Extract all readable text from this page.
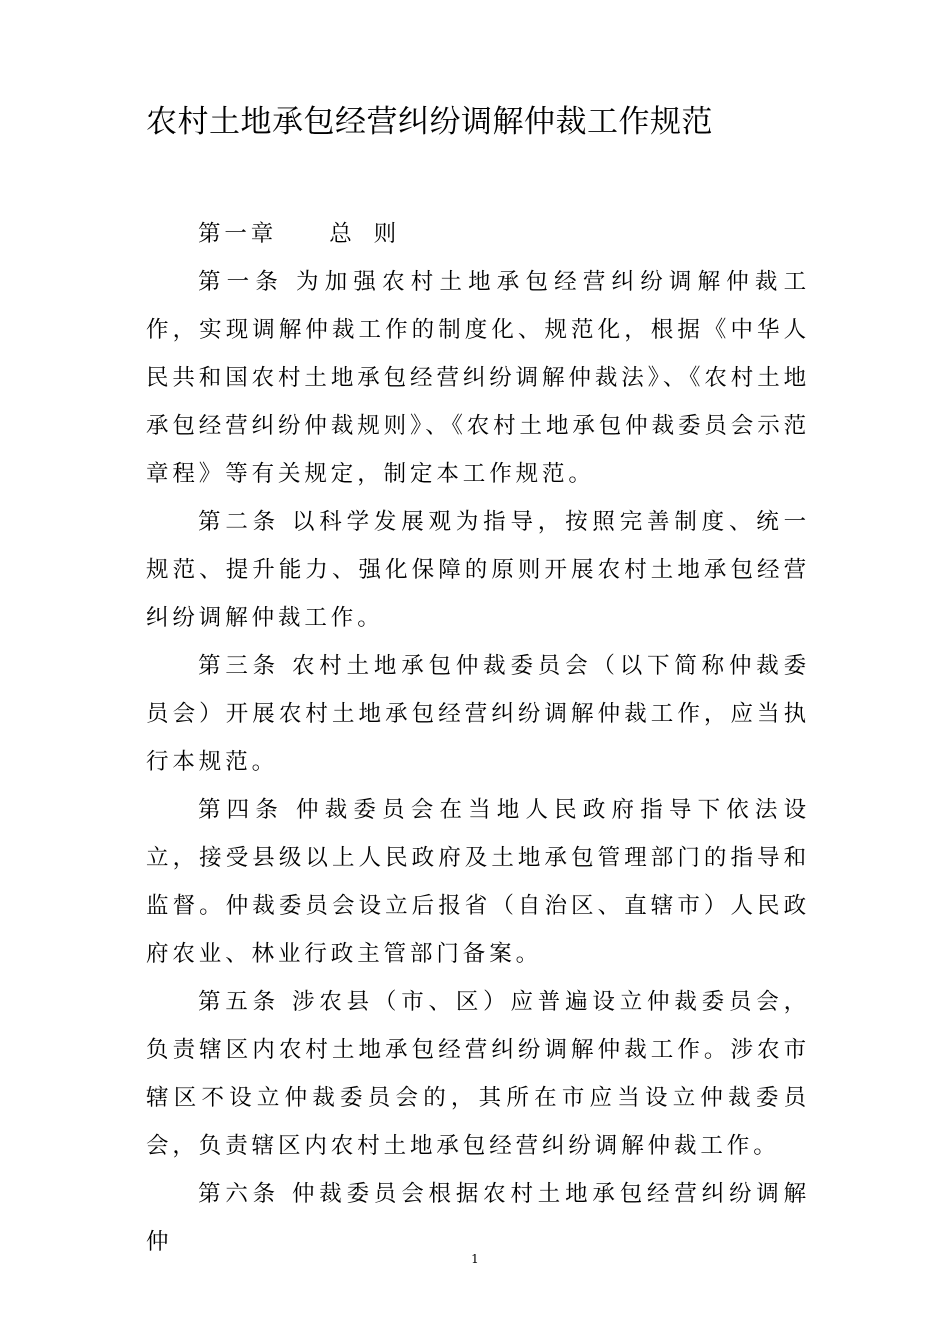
农村土地承包经营纠纷调解仲裁工作规范

第一章 总 则

第一条 为加强农村土地承包经营纠纷调解仲裁工作，实现调解仲裁工作的制度化、规范化，根据《中华人民共和国农村土地承包经营纠纷调解仲裁法》、《农村土地承包经营纠纷仲裁规则》、《农村土地承包仲裁委员会示范章程》等有关规定，制定本工作规范。

第二条 以科学发展观为指导，按照完善制度、统一规范、提升能力、强化保障的原则开展农村土地承包经营纠纷调解仲裁工作。

第三条 农村土地承包仲裁委员会（以下简称仲裁委员会）开展农村土地承包经营纠纷调解仲裁工作，应当执行本规范。

第四条 仲裁委员会在当地人民政府指导下依法设立，接受县级以上人民政府及土地承包管理部门的指导和监督。仲裁委员会设立后报省（自治区、直辖市）人民政府农业、林业行政主管部门备案。

第五条 涉农县（市、区）应普遍设立仲裁委员会，负责辖区内农村土地承包经营纠纷调解仲裁工作。涉农市辖区不设立仲裁委员会的，其所在市应当设立仲裁委员会，负责辖区内农村土地承包经营纠纷调解仲裁工作。

第六条 仲裁委员会根据农村土地承包经营纠纷调解仲

1
